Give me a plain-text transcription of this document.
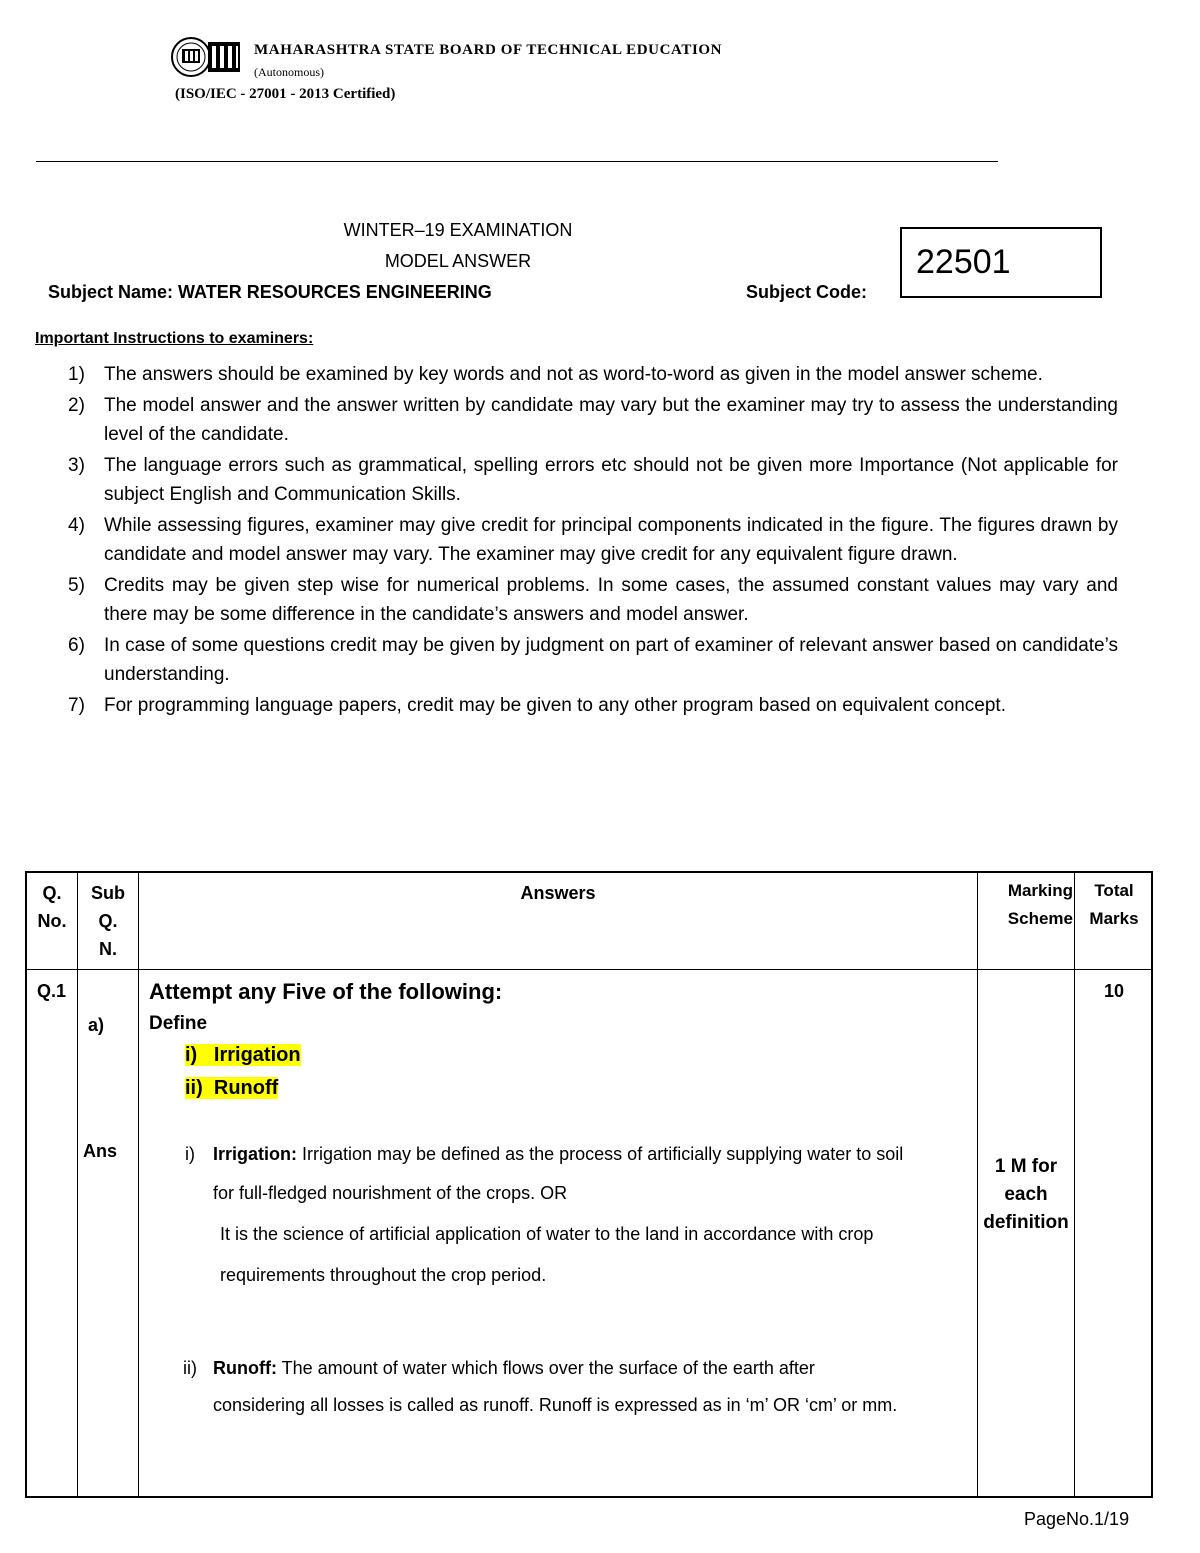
MAHARASHTRA STATE BOARD OF TECHNICAL EDUCATION
(Autonomous)
(ISO/IEC - 27001 - 2013 Certified)
WINTER–19 EXAMINATION
MODEL ANSWER
Subject Name: WATER RESOURCES ENGINEERING	Subject Code:
22501
Important Instructions to examiners:
1) The answers should be examined by key words and not as word-to-word as given in the model answer scheme.
2) The model answer and the answer written by candidate may vary but the examiner may try to assess the understanding level of the candidate.
3) The language errors such as grammatical, spelling errors etc should not be given more Importance (Not applicable for subject English and Communication Skills.
4) While assessing figures, examiner may give credit for principal components indicated in the figure. The figures drawn by candidate and model answer may vary. The examiner may give credit for any equivalent figure drawn.
5) Credits may be given step wise for numerical problems. In some cases, the assumed constant values may vary and there may be some difference in the candidate’s answers and model answer.
6) In case of some questions credit may be given by judgment on part of examiner of relevant answer based on candidate’s understanding.
7) For programming language papers, credit may be given to any other program based on equivalent concept.
Q.
No.
Sub
Q.
N.
Answers	Marking
Scheme
Total
Marks
Q.1
a)
Ans
10
Attempt any Five of the following:
Define
i)   Irrigation
ii)  Runoff
i) Irrigation: Irrigation may be defined as the process of artificially supplying water to soil
for full-fledged nourishment of the crops. OR
It is the science of artificial application of water to the land in accordance with crop
requirements throughout the crop period.
ii) Runoff: The amount of water which flows over the surface of the earth after
considering all losses is called as runoff. Runoff is expressed as in ‘m’ OR ‘cm’ or mm.
1 M for
each
definition
PageNo.1/19
